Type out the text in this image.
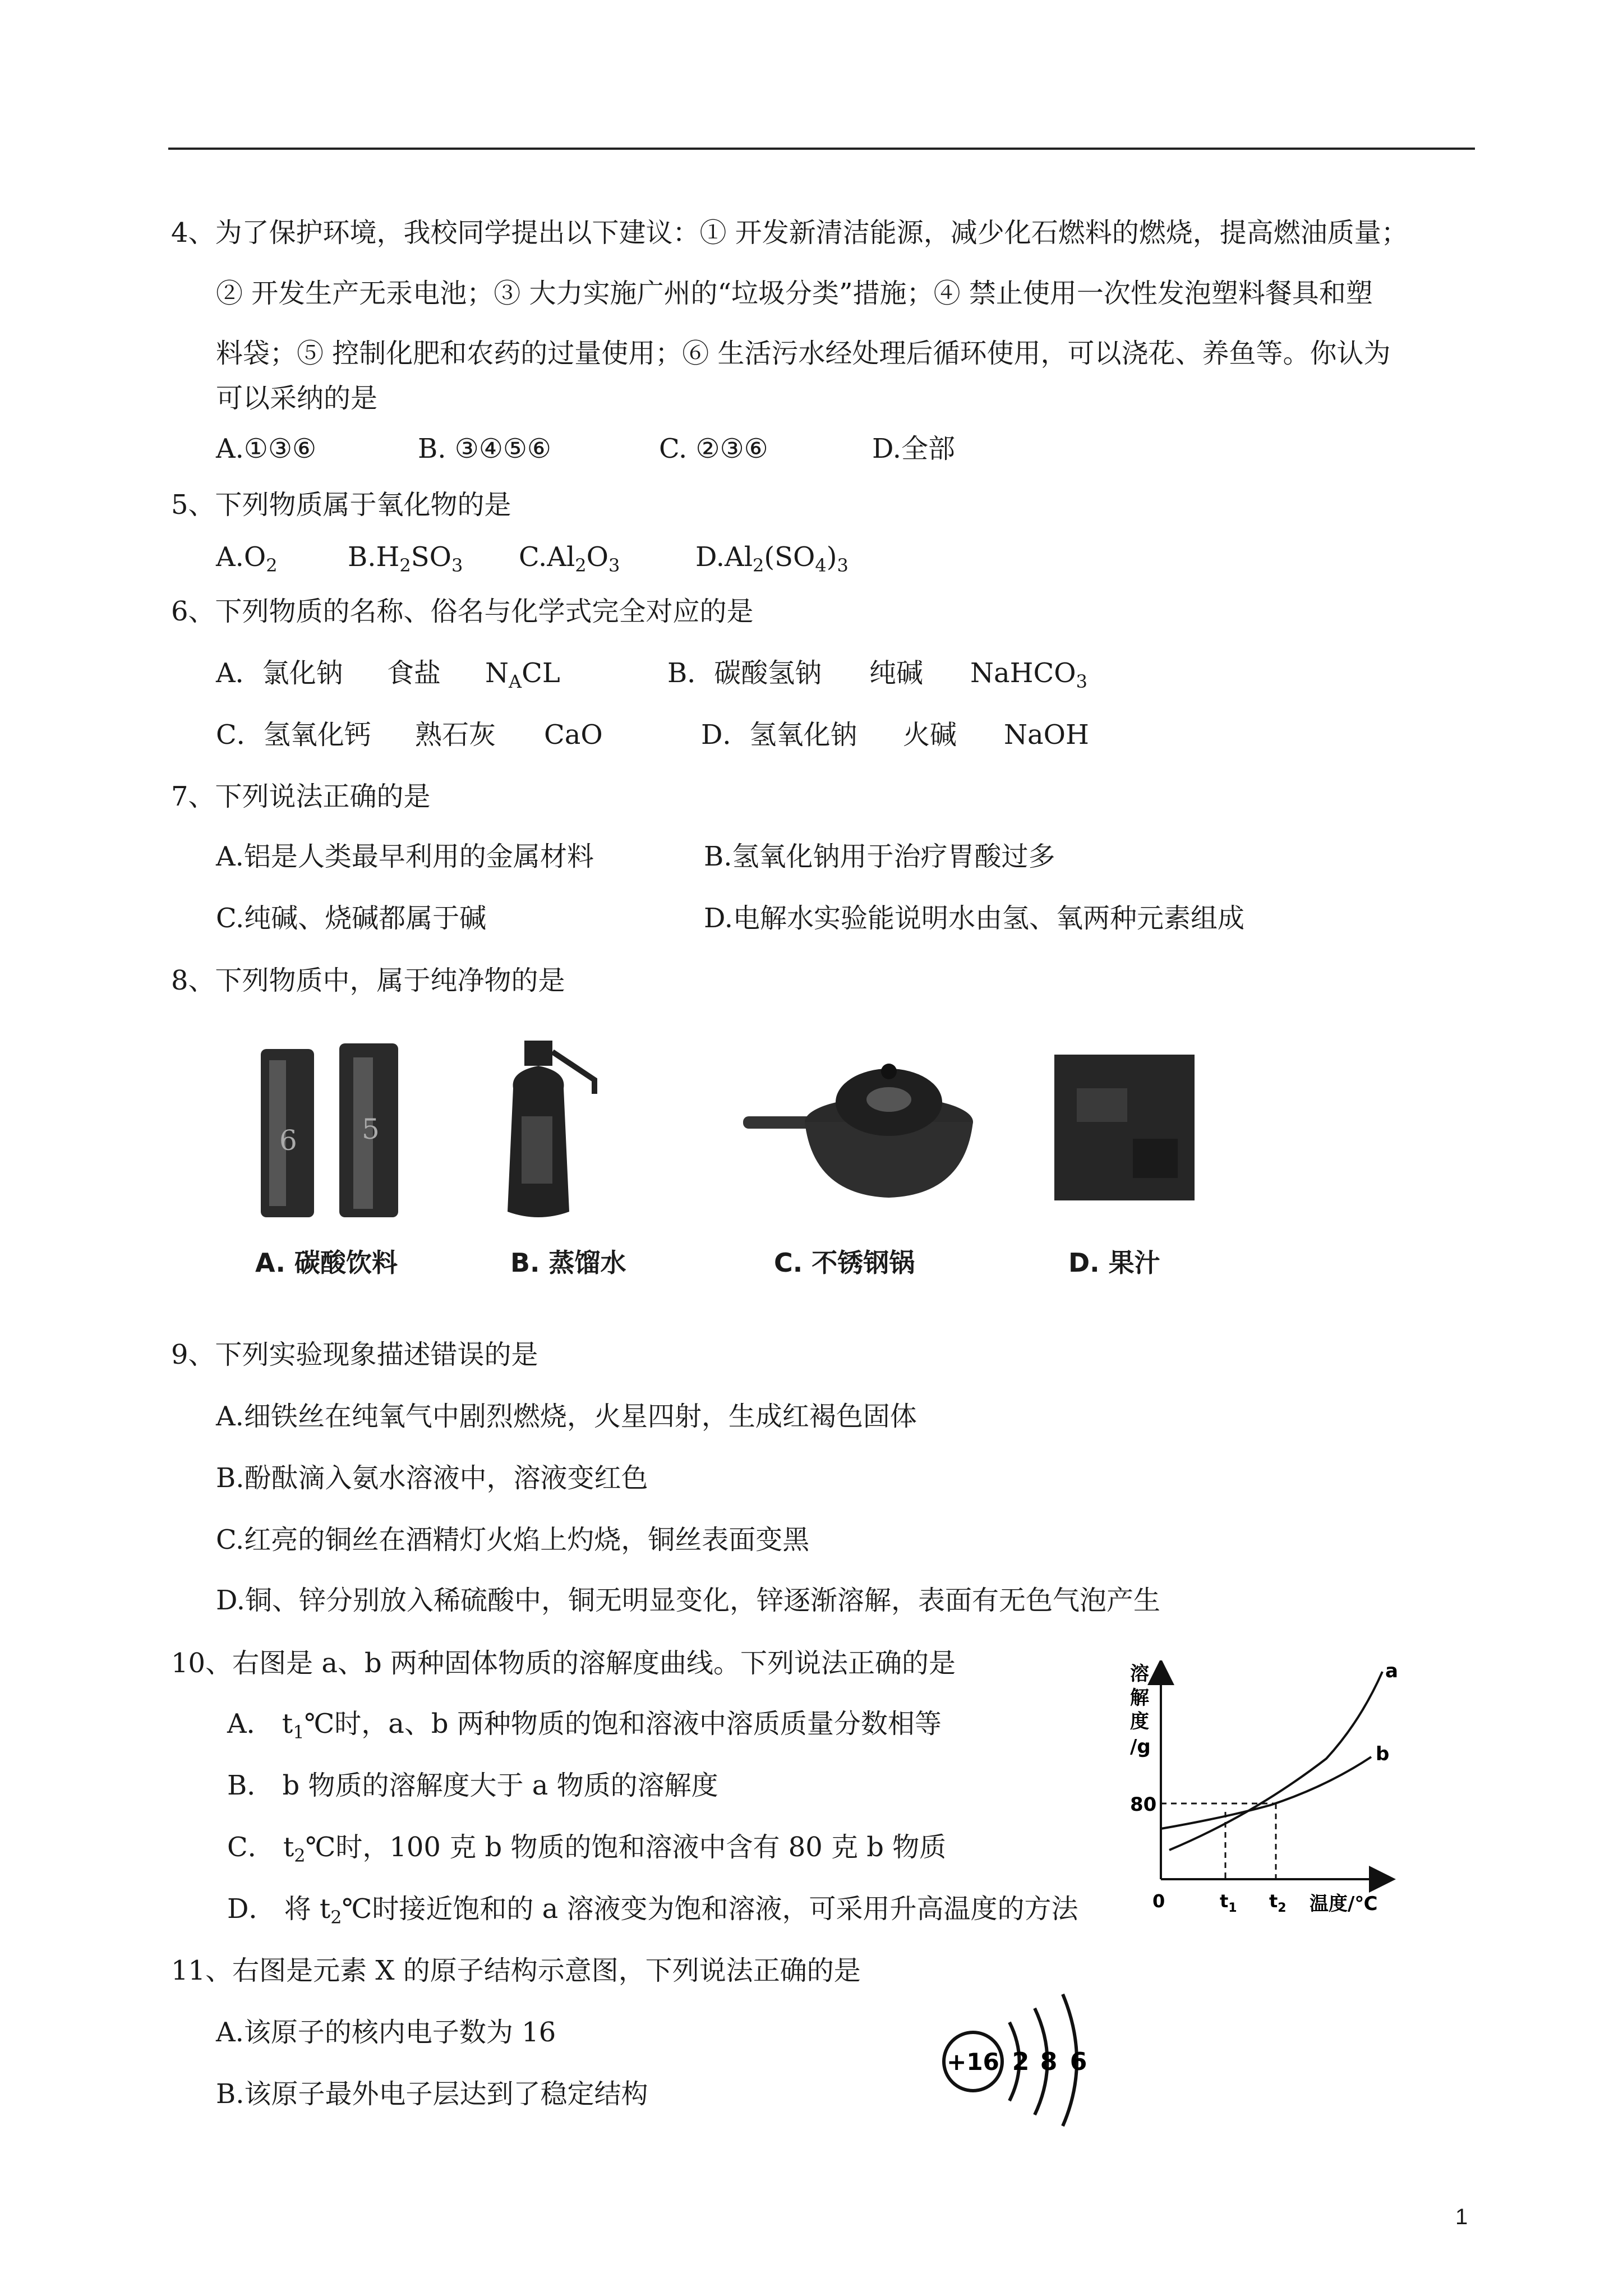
4、为了保护环境，我校同学提出以下建议：① 开发新清洁能源，减少化石燃料的燃烧，提高燃油质量；
② 开发生产无汞电池；③ 大力实施广州的“垃圾分类”措施；④ 禁止使用一次性发泡塑料餐具和塑
料袋；⑤ 控制化肥和农药的过量使用；⑥ 生活污水经处理后循环使用，可以浇花、养鱼等。你认为
可以采纳的是
A.①③⑥	B. ③④⑤⑥	C. ②③⑥	D.全部
5、下列物质属于氧化物的是
$A.O_2$	$B.H_2SO_3$ $C.Al_2O_3$	$D.Al_2(SO_4)_3$
6、下列物质的名称、俗名与化学式完全对应的是
A．氯化钠 食盐 $N_ACL$	B．碳酸氢钠 纯碱 NaHCO$_3$
C．氢氧化钙 熟石灰 CaO	D．氢氧化钠 火碱 NaOH
7、下列说法正确的是
A.铝是人类最早利用的金属材料	B.氢氧化钠用于治疗胃酸过多
C.纯碱、烧碱都属于碱	D.电解水实验能说明水由氢、氧两种元素组成
8、下列物质中，属于纯净物的是
6 5
A. 碳酸饮料	B. 蒸馏水	C. 不锈钢锅	D. 果汁
9、下列实验现象描述错误的是
A.细铁丝在纯氧气中剧烈燃烧，火星四射，生成红褐色固体
B.酚酞滴入氨水溶液中，溶液变红色
C.红亮的铜丝在酒精灯火焰上灼烧，铜丝表面变黑
D.铜、锌分别放入稀硫酸中，铜无明显变化，锌逐渐溶解，表面有无色气泡产生
10、右图是 a、b 两种固体物质的溶解度曲线。下列说法正确的是
A． $t_1℃$时，a、b 两种物质的饱和溶液中溶质质量分数相等
B． b 物质的溶解度大于 a 物质的溶解度
C． $t_2℃$时，100 克 b 物质的饱和溶液中含有 80 克 b 物质
D． 将 $t_2℃$时接近饱和的 a 溶液变为饱和溶液，可采用升高温度的方法
溶
解
度
/g
a
b
80
0	$t_1$ $t_2$ 温度/℃
11、右图是元素 X 的原子结构示意图，下列说法正确的是
A.该原子的核内电子数为 16
B.该原子最外电子层达到了稳定结构
+16 2 8 6
1
